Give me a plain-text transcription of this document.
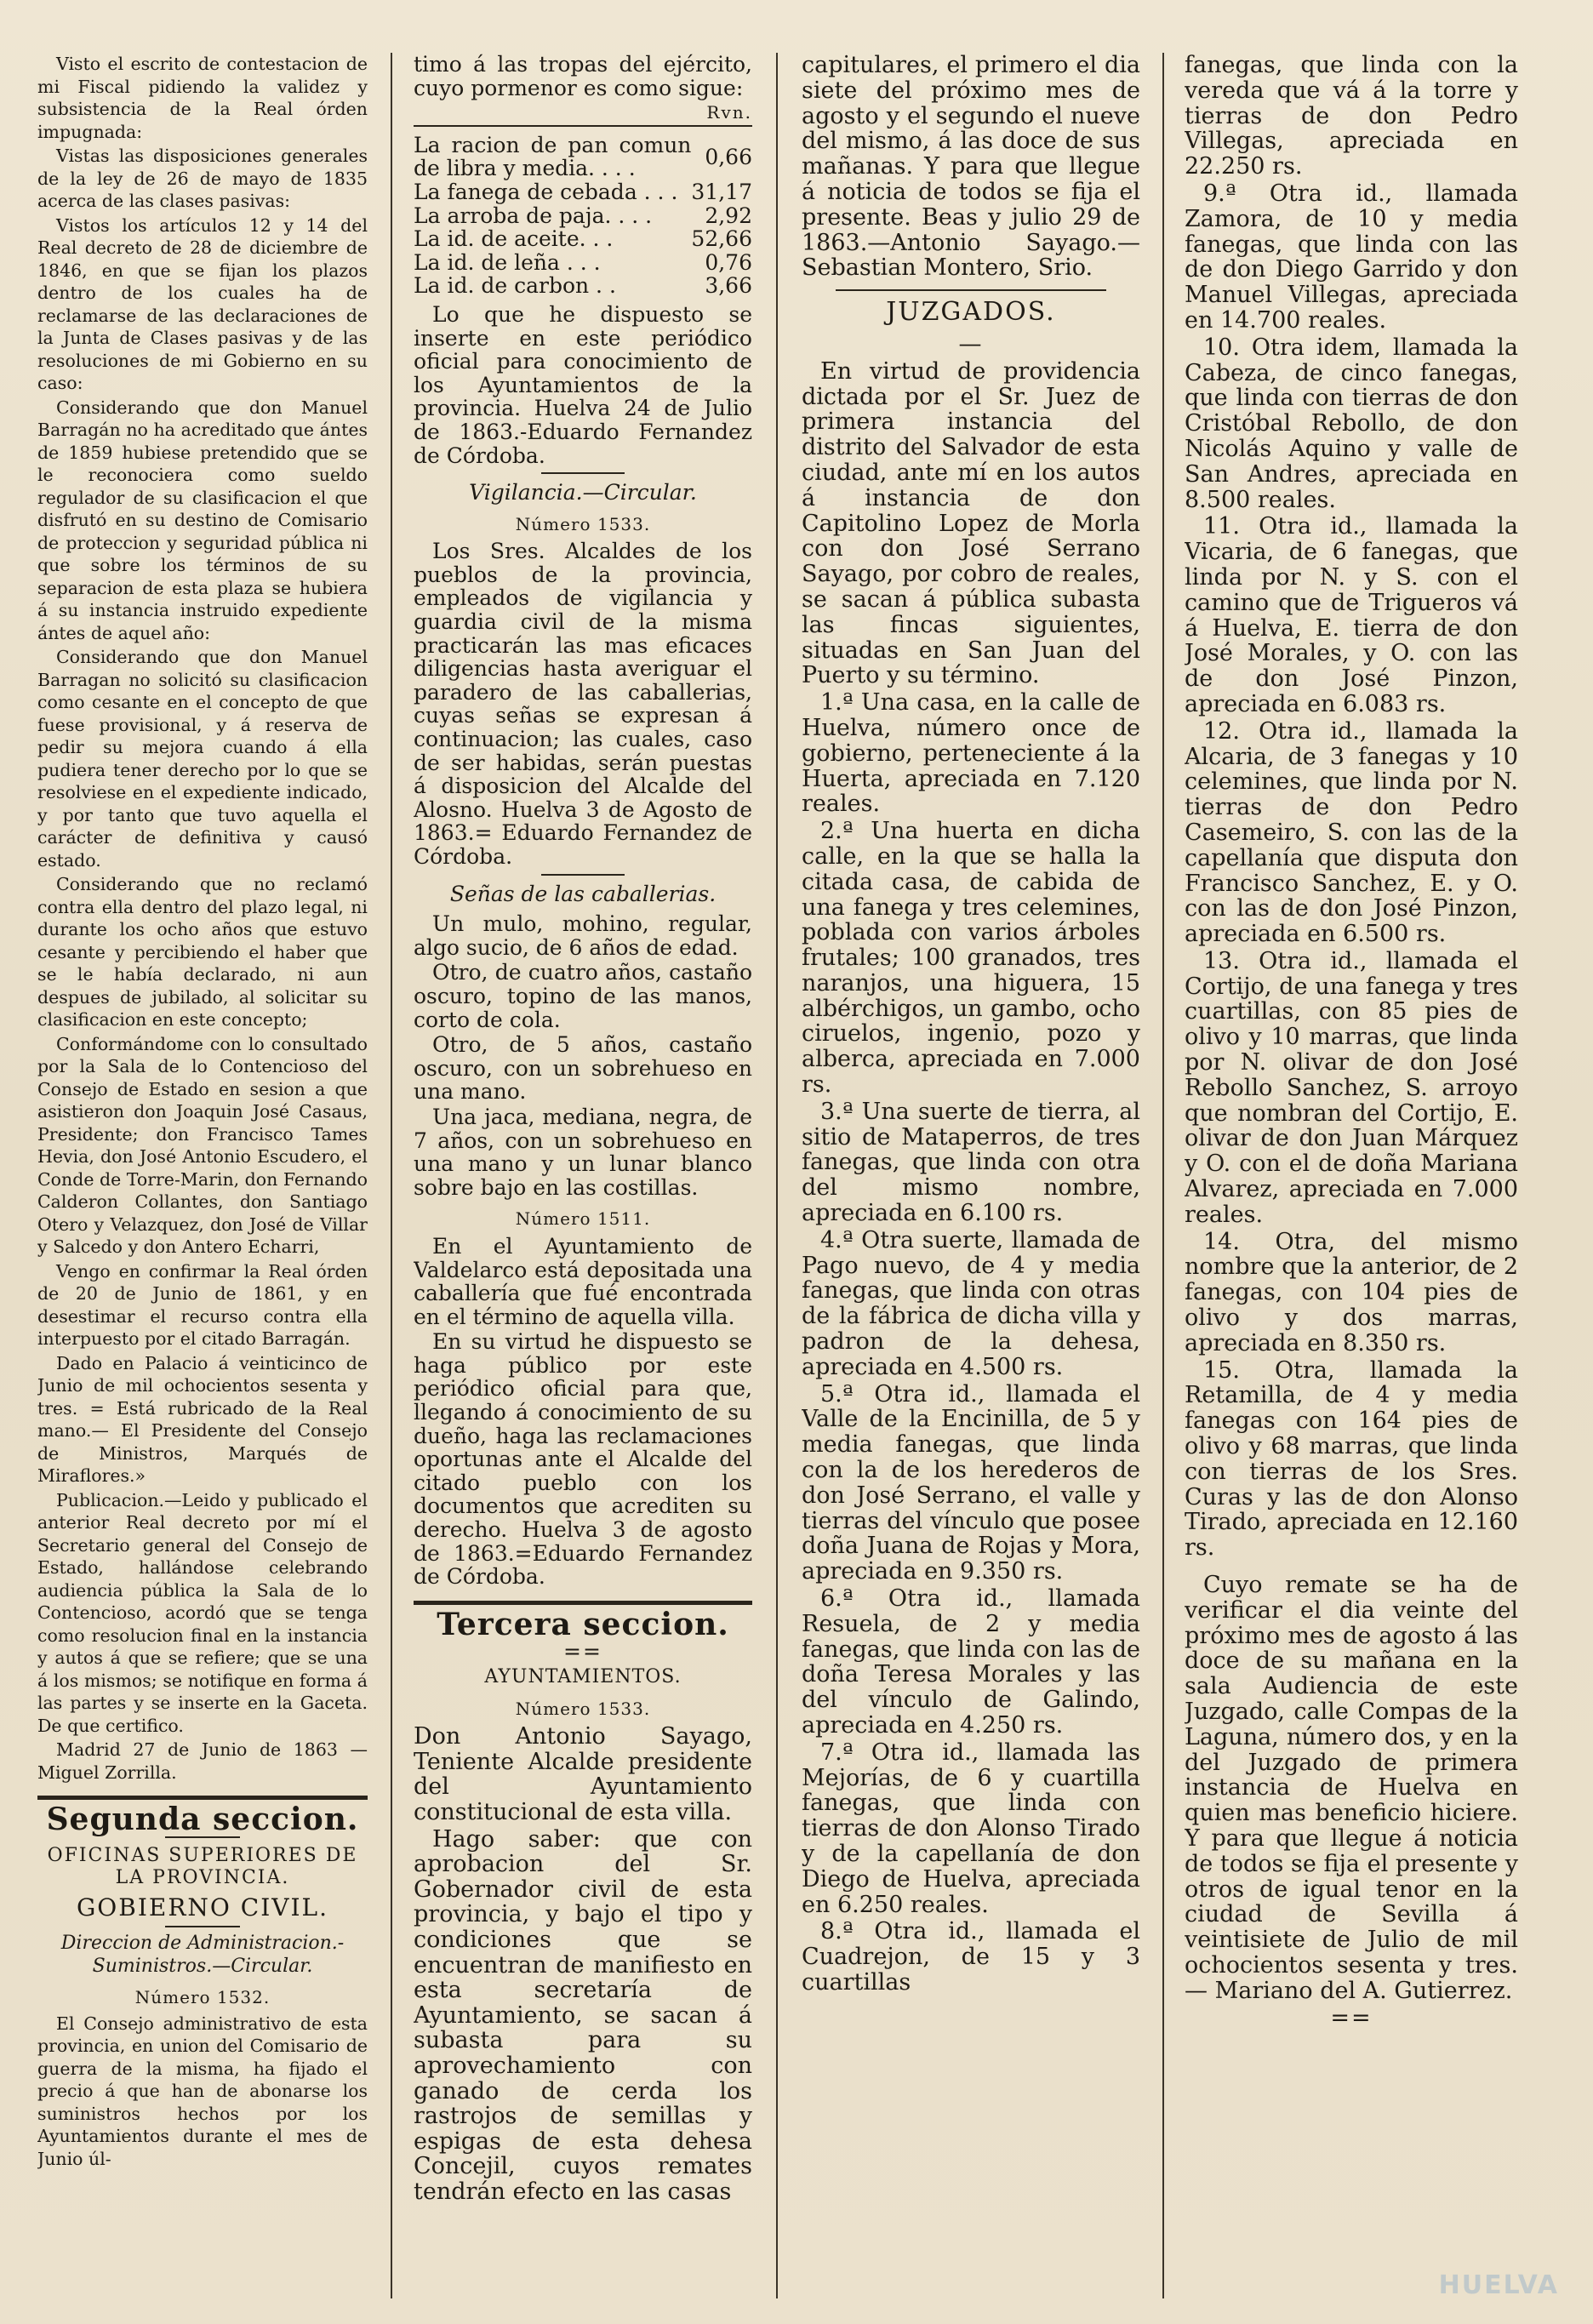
Visto el escrito de contestacion de mi Fiscal pidiendo la validez y subsistencia de la Real órden impugnada:

Vistas las disposiciones generales de la ley de 26 de mayo de 1835 acerca de las clases pasivas:

Vistos los artículos 12 y 14 del Real decreto de 28 de diciembre de 1846, en que se fijan los plazos dentro de los cuales ha de reclamarse de las declaraciones de la Junta de Clases pasivas y de las resoluciones de mi Gobierno en su caso:

Considerando que don Manuel Barragán no ha acreditado que ántes de 1859 hubiese pretendido que se le reconociera como sueldo regulador de su clasificacion el que disfrutó en su destino de Comisario de proteccion y seguridad pública ni que sobre los términos de su separacion de esta plaza se hubiera á su instancia instruido expediente ántes de aquel año:

Considerando que don Manuel Barragan no solicitó su clasificacion como cesante en el concepto de que fuese provisional, y á reserva de pedir su mejora cuando á ella pudiera tener derecho por lo que se resolviese en el expediente indicado, y por tanto que tuvo aquella el carácter de definitiva y causó estado.

Considerando que no reclamó contra ella dentro del plazo legal, ni durante los ocho años que estuvo cesante y percibiendo el haber que se le había declarado, ni aun despues de jubilado, al solicitar su clasificacion en este concepto;

Conformándome con lo consultado por la Sala de lo Contencioso del Consejo de Estado en sesion a que asistieron don Joaquin José Casaus, Presidente; don Francisco Tames Hevia, don José Antonio Escudero, el Conde de Torre-Marin, don Fernando Calderon Collantes, don Santiago Otero y Velazquez, don José de Villar y Salcedo y don Antero Echarri,

Vengo en confirmar la Real órden de 20 de Junio de 1861, y en desestimar el recurso contra ella interpuesto por el citado Barragán.

Dado en Palacio á veinticinco de Junio de mil ochocientos sesenta y tres. = Está rubricado de la Real mano.— El Presidente del Consejo de Ministros, Marqués de Miraflores.»

Publicacion.—Leido y publicado el anterior Real decreto por mí el Secretario general del Consejo de Estado, hallándose celebrando audiencia pública la Sala de lo Contencioso, acordó que se tenga como resolucion final en la instancia y autos á que se refiere; que se una á los mismos; se notifique en forma á las partes y se inserte en la Gaceta. De que certifico.

Madrid 27 de Junio de 1863 — Miguel Zorrilla.

Segunda seccion.
OFICINAS SUPERIORES DE LA PROVINCIA.
GOBIERNO CIVIL.
Direccion de Administracion.-Suministros.—Circular.
Número 1532.

El Consejo administrativo de esta provincia, en union del Comisario de guerra de la misma, ha fijado el precio á que han de abonarse los suministros hechos por los Ayuntamientos durante el mes de Junio úl-

timo á las tropas del ejército, cuyo pormenor es como sigue:

Rvn.
La racion de pan comun de libra y media. . . .	0,66
La fanega de cebada . . .	31,17
La arroba de paja. . . .	2,92
La id. de aceite. . .	52,66
La id. de leña . . .	0,76
La id. de carbon . .	3,66

Lo que he dispuesto se inserte en este periódico oficial para conocimiento de los Ayuntamientos de la provincia. Huelva 24 de Julio de 1863.-Eduardo Fernandez de Córdoba.

Vigilancia.—Circular.
Número 1533.

Los Sres. Alcaldes de los pueblos de la provincia, empleados de vigilancia y guardia civil de la misma practicarán las mas eficaces diligencias hasta averiguar el paradero de las caballerias, cuyas señas se expresan á continuacion; las cuales, caso de ser habidas, serán puestas á disposicion del Alcalde del Alosno. Huelva 3 de Agosto de 1863.= Eduardo Fernandez de Córdoba.

Señas de las caballerias.

Un mulo, mohino, regular, algo sucio, de 6 años de edad.

Otro, de cuatro años, castaño oscuro, topino de las manos, corto de cola.

Otro, de 5 años, castaño oscuro, con un sobrehueso en una mano.

Una jaca, mediana, negra, de 7 años, con un sobrehueso en una mano y un lunar blanco sobre bajo en las costillas.

Número 1511.

En el Ayuntamiento de Valdelarco está depositada una caballería que fué encontrada en el término de aquella villa.

En su virtud he dispuesto se haga público por este periódico oficial para que, llegando á conocimiento de su dueño, haga las reclamaciones oportunas ante el Alcalde del citado pueblo con los documentos que acrediten su derecho. Huelva 3 de agosto de 1863.=Eduardo Fernandez de Córdoba.

Tercera seccion.
==
AYUNTAMIENTOS.
Número 1533.

Don Antonio Sayago, Teniente Alcalde presidente del Ayuntamiento constitucional de esta villa.

Hago saber: que con aprobacion del Sr. Gobernador civil de esta provincia, y bajo el tipo y condiciones que se encuentran de manifiesto en esta secretaría de Ayuntamiento, se sacan á subasta para su aprovechamiento con ganado de cerda los rastrojos de semillas y espigas de esta dehesa Concejil, cuyos remates tendrán efecto en las casas

capitulares, el primero el dia siete del próximo mes de agosto y el segundo el nueve del mismo, á las doce de sus mañanas. Y para que llegue á noticia de todos se fija el presente. Beas y julio 29 de 1863.—Antonio Sayago.— Sebastian Montero, Srio.

JUZGADOS.
—

En virtud de providencia dictada por el Sr. Juez de primera instancia del distrito del Salvador de esta ciudad, ante mí en los autos á instancia de don Capitolino Lopez de Morla con don José Serrano Sayago, por cobro de reales, se sacan á pública subasta las fincas siguientes, situadas en San Juan del Puerto y su término.

1.ª Una casa, en la calle de Huelva, número once de gobierno, perteneciente á la Huerta, apreciada en 7.120 reales.

2.ª Una huerta en dicha calle, en la que se halla la citada casa, de cabida de una fanega y tres celemines, poblada con varios árboles frutales; 100 granados, tres naranjos, una higuera, 15 albérchigos, un gambo, ocho ciruelos, ingenio, pozo y alberca, apreciada en 7.000 rs.

3.ª Una suerte de tierra, al sitio de Mataperros, de tres fanegas, que linda con otra del mismo nombre, apreciada en 6.100 rs.

4.ª Otra suerte, llamada de Pago nuevo, de 4 y media fanegas, que linda con otras de la fábrica de dicha villa y padron de la dehesa, apreciada en 4.500 rs.

5.ª Otra id., llamada el Valle de la Encinilla, de 5 y media fanegas, que linda con la de los herederos de don José Serrano, el valle y tierras del vínculo que posee doña Juana de Rojas y Mora, apreciada en 9.350 rs.

6.ª Otra id., llamada Resuela, de 2 y media fanegas, que linda con las de doña Teresa Morales y las del vínculo de Galindo, apreciada en 4.250 rs.

7.ª Otra id., llamada las Mejorías, de 6 y cuartilla fanegas, que linda con tierras de don Alonso Tirado y de la capellanía de don Diego de Huelva, apreciada en 6.250 reales.

8.ª Otra id., llamada el Cuadrejon, de 15 y 3 cuartillas

fanegas, que linda con la vereda que vá á la torre y tierras de don Pedro Villegas, apreciada en 22.250 rs.

9.ª Otra id., llamada Zamora, de 10 y media fanegas, que linda con las de don Diego Garrido y don Manuel Villegas, apreciada en 14.700 reales.

10. Otra idem, llamada la Cabeza, de cinco fanegas, que linda con tierras de don Cristóbal Rebollo, de don Nicolás Aquino y valle de San Andres, apreciada en 8.500 reales.

11. Otra id., llamada la Vicaria, de 6 fanegas, que linda por N. y S. con el camino que de Trigueros vá á Huelva, E. tierra de don José Morales, y O. con las de don José Pinzon, apreciada en 6.083 rs.

12. Otra id., llamada la Alcaria, de 3 fanegas y 10 celemines, que linda por N. tierras de don Pedro Casemeiro, S. con las de la capellanía que disputa don Francisco Sanchez, E. y O. con las de don José Pinzon, apreciada en 6.500 rs.

13. Otra id., llamada el Cortijo, de una fanega y tres cuartillas, con 85 pies de olivo y 10 marras, que linda por N. olivar de don José Rebollo Sanchez, S. arroyo que nombran del Cortijo, E. olivar de don Juan Márquez y O. con el de doña Mariana Alvarez, apreciada en 7.000 reales.

14. Otra, del mismo nombre que la anterior, de 2 fanegas, con 104 pies de olivo y dos marras, apreciada en 8.350 rs.

15. Otra, llamada la Retamilla, de 4 y media fanegas con 164 pies de olivo y 68 marras, que linda con tierras de los Sres. Curas y las de don Alonso Tirado, apreciada en 12.160 rs.

Cuyo remate se ha de verificar el dia veinte del próximo mes de agosto á las doce de su mañana en la sala Audiencia de este Juzgado, calle Compas de la Laguna, número dos, y en la del Juzgado de primera instancia de Huelva en quien mas beneficio hiciere. Y para que llegue á noticia de todos se fija el presente y otros de igual tenor en la ciudad de Sevilla á veintisiete de Julio de mil ochocientos sesenta y tres.— Mariano del A. Gutierrez.

==
HUELVA
